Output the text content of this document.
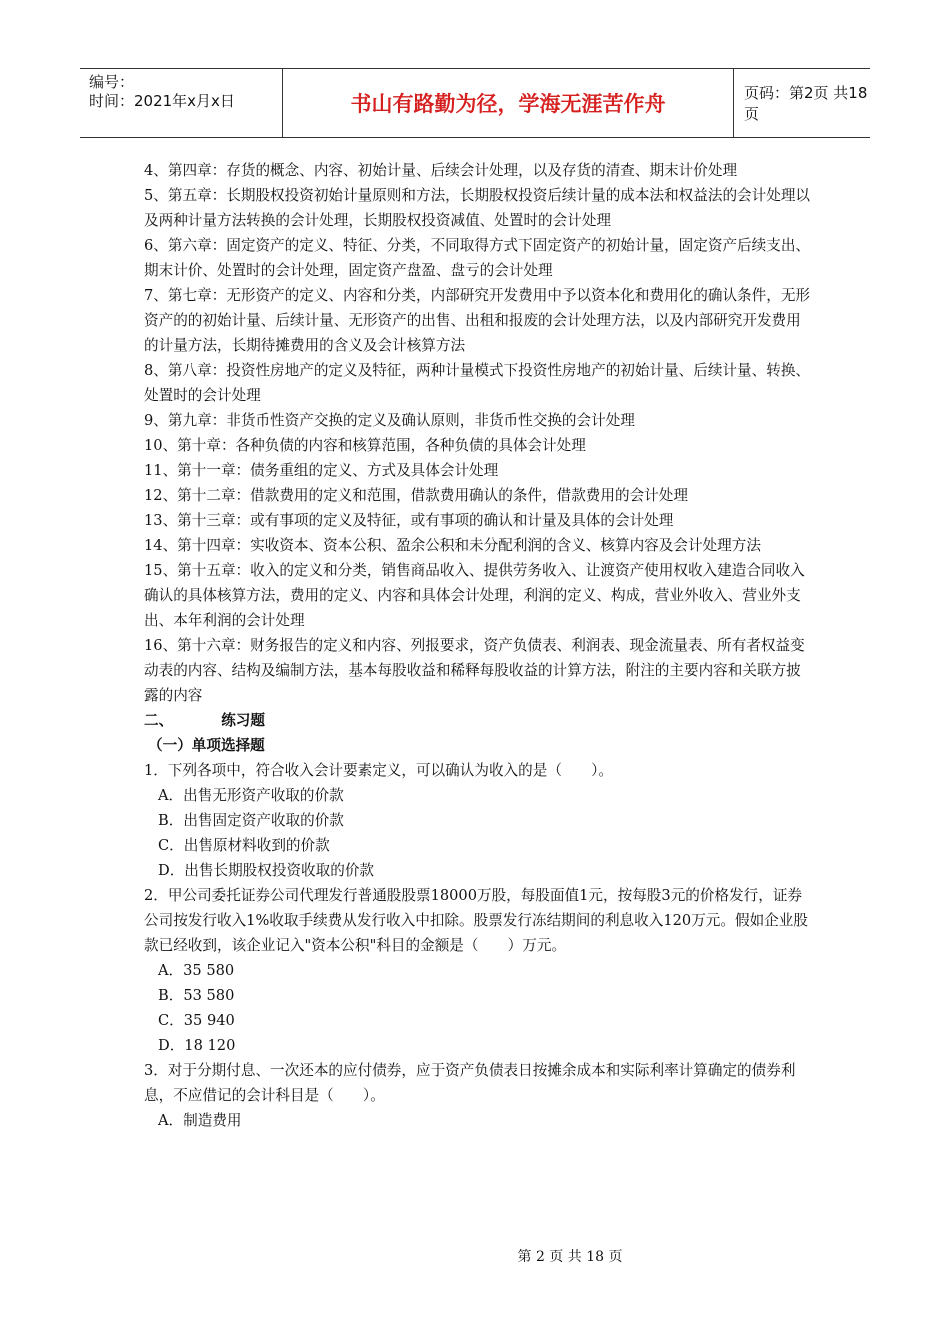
编号：
时间：2021年x月x日	书山有路勤为径，学海无涯苦作舟	页码：第2页 共18页

4、第四章：存货的概念、内容、初始计量、后续会计处理，以及存货的清查、期末计价处理

5、第五章：长期股权投资初始计量原则和方法，长期股权投资后续计量的成本法和权益法的会计处理以及两种计量方法转换的会计处理，长期股权投资减值、处置时的会计处理

6、第六章：固定资产的定义、特征、分类，不同取得方式下固定资产的初始计量，固定资产后续支出、期末计价、处置时的会计处理，固定资产盘盈、盘亏的会计处理

7、第七章：无形资产的定义、内容和分类，内部研究开发费用中予以资本化和费用化的确认条件，无形资产的的初始计量、后续计量、无形资产的出售、出租和报废的会计处理方法，以及内部研究开发费用的计量方法，长期待摊费用的含义及会计核算方法

8、第八章：投资性房地产的定义及特征，两种计量模式下投资性房地产的初始计量、后续计量、转换、处置时的会计处理

9、第九章：非货币性资产交换的定义及确认原则，非货币性交换的会计处理

10、第十章：各种负债的内容和核算范围，各种负债的具体会计处理

11、第十一章：债务重组的定义、方式及具体会计处理

12、第十二章：借款费用的定义和范围，借款费用确认的条件，借款费用的会计处理

13、第十三章：或有事项的定义及特征，或有事项的确认和计量及具体的会计处理

14、第十四章：实收资本、资本公积、盈余公积和未分配利润的含义、核算内容及会计处理方法

15、第十五章：收入的定义和分类，销售商品收入、提供劳务收入、让渡资产使用权收入建造合同收入确认的具体核算方法，费用的定义、内容和具体会计处理，利润的定义、构成，营业外收入、营业外支出、本年利润的会计处理

16、第十六章：财务报告的定义和内容、列报要求，资产负债表、利润表、现金流量表、所有者权益变动表的内容、结构及编制方法，基本每股收益和稀释每股收益的计算方法，附注的主要内容和关联方披露的内容

二、	练习题

（一）单项选择题

1．下列各项中，符合收入会计要素定义，可以确认为收入的是（　　）。

A．出售无形资产收取的价款

B．出售固定资产收取的价款

C．出售原材料收到的价款

D．出售长期股权投资收取的价款

2．甲公司委托证券公司代理发行普通股股票18000万股，每股面值1元，按每股3元的价格发行，证券公司按发行收入1%收取手续费从发行收入中扣除。股票发行冻结期间的利息收入120万元。假如企业股款已经收到，该企业记入"资本公积"科目的金额是（　　）万元。

A．35 580

B．53 580

C．35 940

D．18 120

3．对于分期付息、一次还本的应付债券，应于资产负债表日按摊余成本和实际利率计算确定的债券利息，不应借记的会计科目是（　　）。

A．制造费用

第 2 页 共 18 页
